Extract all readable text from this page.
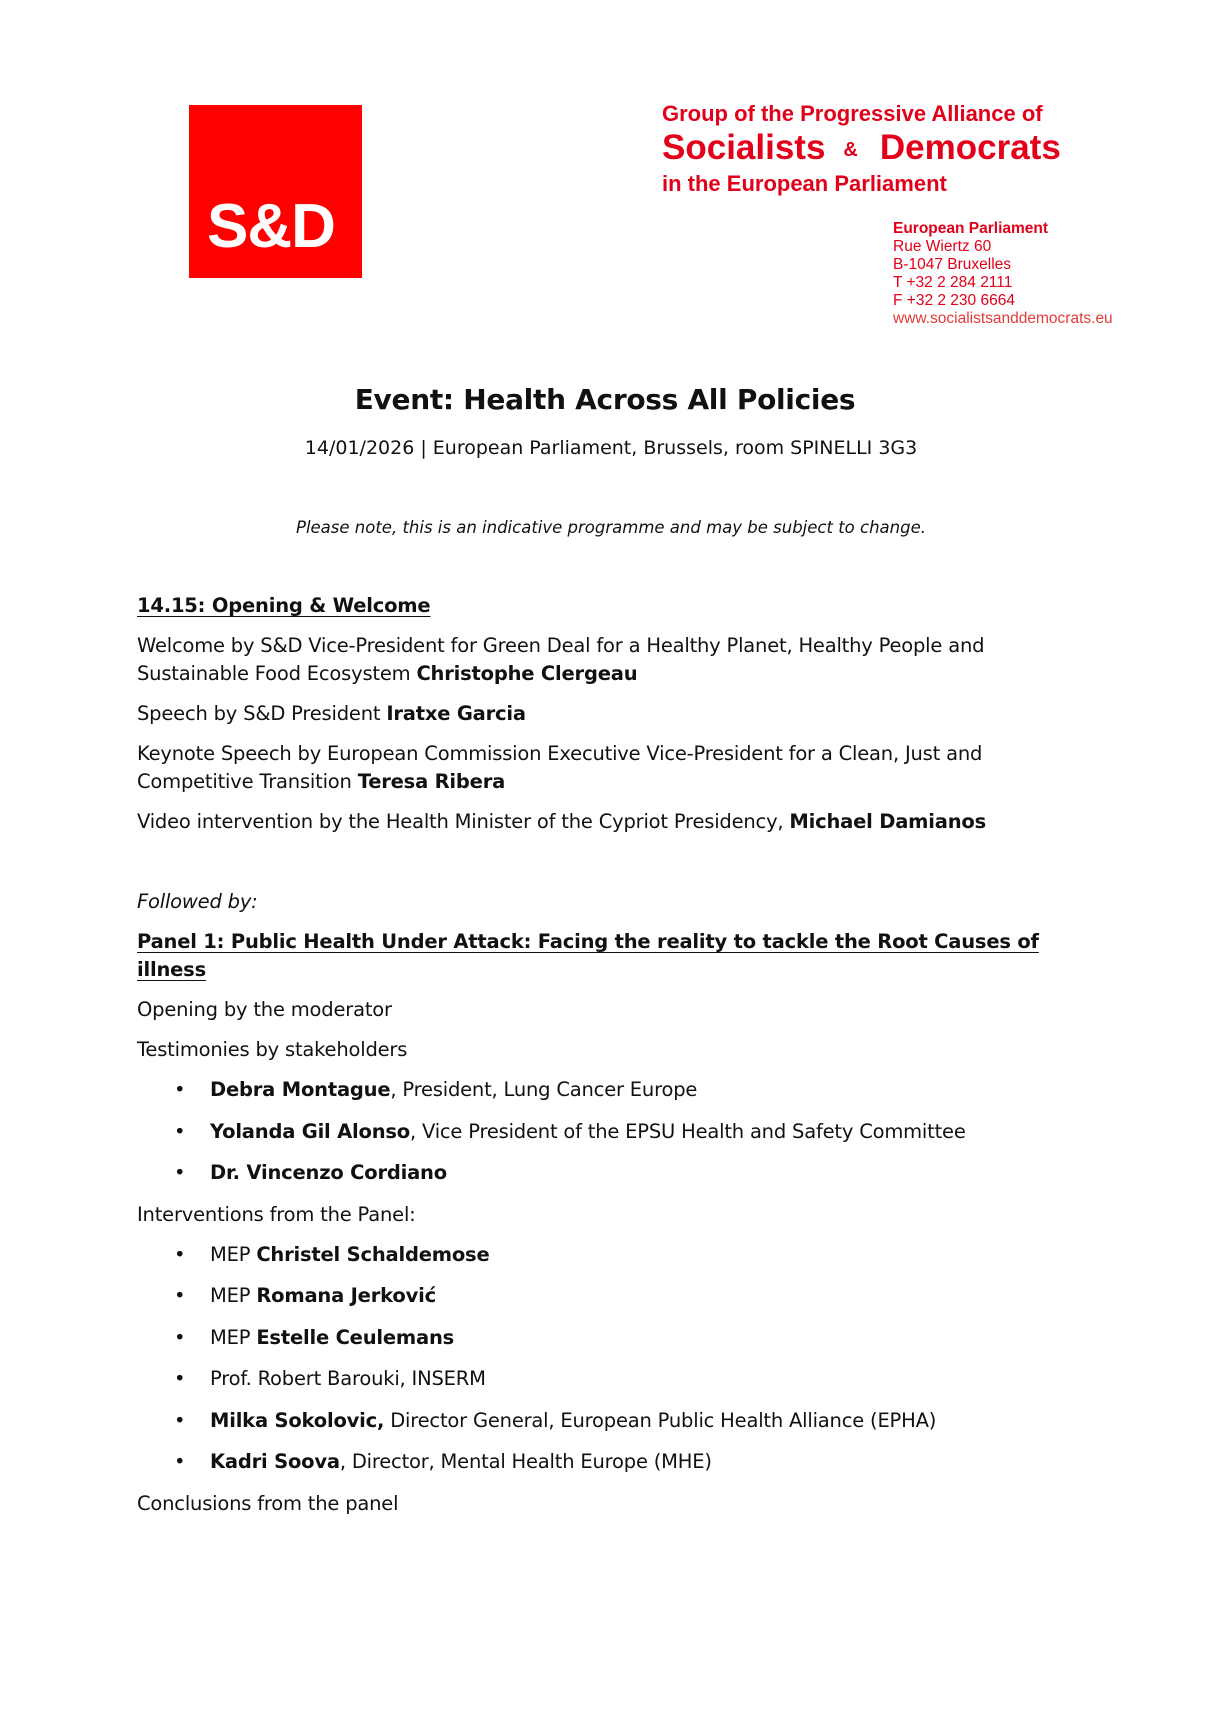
S&D
Group of the Progressive Alliance of
Socialists & Democrats
in the European Parliament
European Parliament
Rue Wiertz 60
B-1047 Bruxelles
T +32 2 284 2111
F +32 2 230 6664
www.socialistsanddemocrats.eu
Event: Health Across All Policies
14/01/2026 | European Parliament, Brussels, room SPINELLI 3G3
Please note, this is an indicative programme and may be subject to change.
14.15: Opening & Welcome
Welcome by S&D Vice-President for Green Deal for a Healthy Planet, Healthy People and Sustainable Food Ecosystem Christophe Clergeau
Speech by S&D President Iratxe Garcia
Keynote Speech by European Commission Executive Vice-President for a Clean, Just and Competitive Transition Teresa Ribera
Video intervention by the Health Minister of the Cypriot Presidency, Michael Damianos
Followed by:
Panel 1: Public Health Under Attack: Facing the reality to tackle the Root Causes of illness
Opening by the moderator
Testimonies by stakeholders
• Debra Montague, President, Lung Cancer Europe
• Yolanda Gil Alonso, Vice President of the EPSU Health and Safety Committee
• Dr. Vincenzo Cordiano
Interventions from the Panel:
• MEP Christel Schaldemose
• MEP Romana Jerković
• MEP Estelle Ceulemans
• Prof. Robert Barouki, INSERM
• Milka Sokolovic, Director General, European Public Health Alliance (EPHA)
• Kadri Soova, Director, Mental Health Europe (MHE)
Conclusions from the panel
